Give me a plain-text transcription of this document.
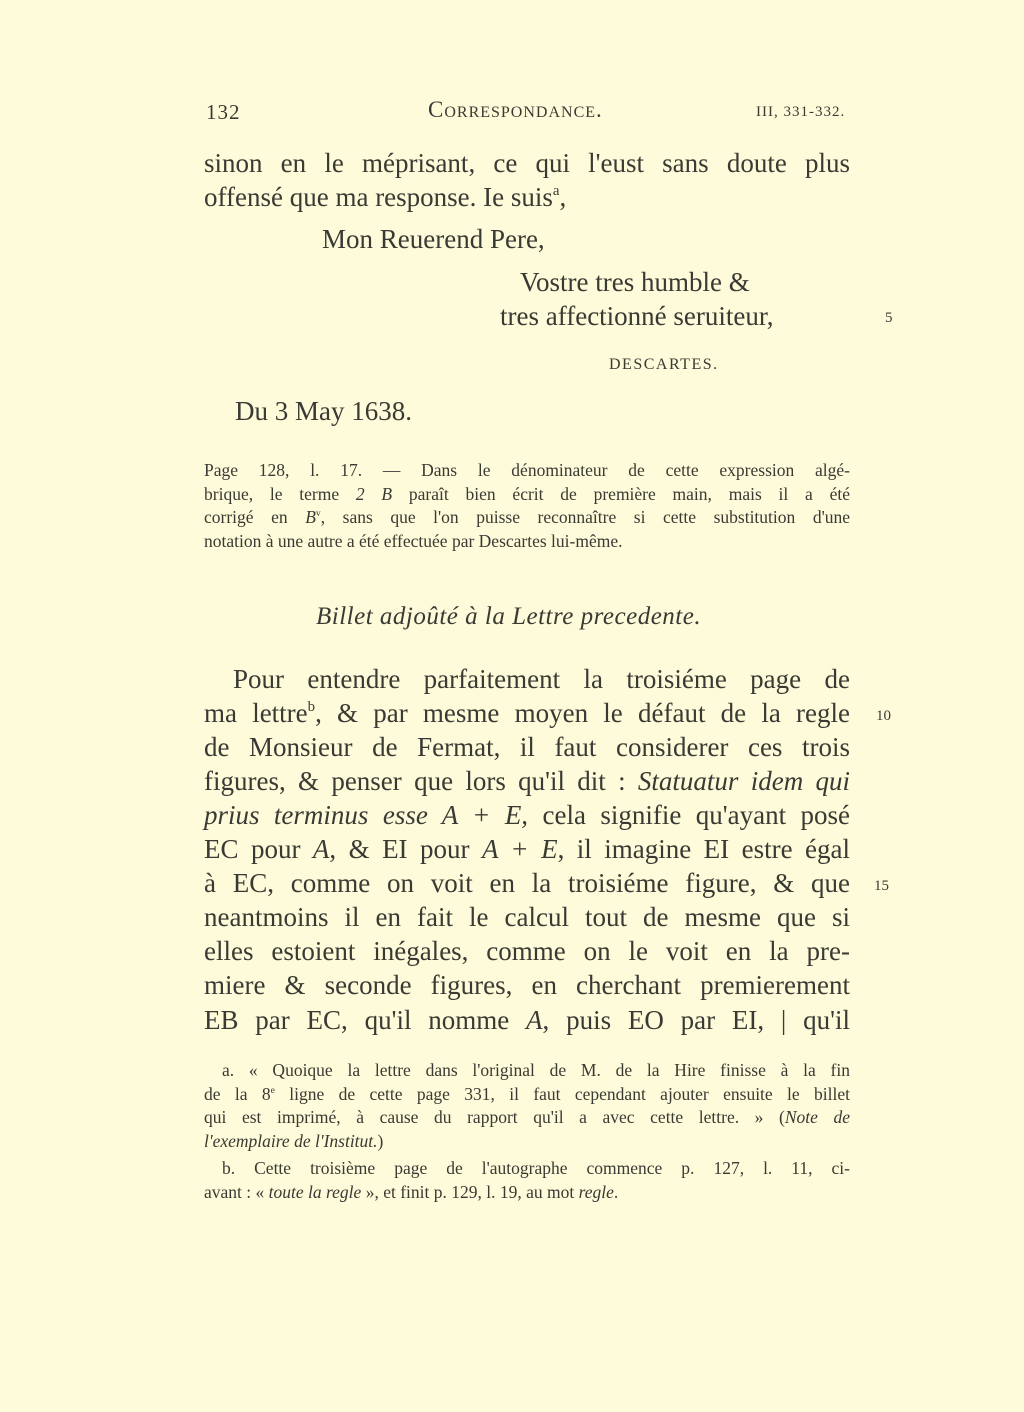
132	Correspondance.	III, 331-332.
sinon en le méprisant, ce qui l'eust sans doute plus
offensé que ma response. Ie suis$^a$,
Mon Reuerend Pere,
Vostre tres humble &
tres affectionné seruiteur,	5
DESCARTES.
Du 3 May 1638.
Page 128, l. 17. — Dans le dénominateur de cette expression algé-
brique, le terme 2 B paraît bien écrit de première main, mais il a été
corrigé en $B^v$, sans que l'on puisse reconnaître si cette substitution d'une
notation à une autre a été effectuée par Descartes lui-même.
Billet adjoûté à la Lettre precedente.
Pour entendre parfaitement la troisiéme page de
ma lettre$^b$, & par mesme moyen le défaut de la regle 10
de Monsieur de Fermat, il faut considerer ces trois
figures, & penser que lors qu'il dit : Statuatur idem qui
prius terminus esse A + E, cela signifie qu'ayant posé
EC pour A, & EI pour A + E, il imagine EI estre égal
à EC, comme on voit en la troisiéme figure, & que 15
neantmoins il en fait le calcul tout de mesme que si
elles estoient inégales, comme on le voit en la pre-
miere & seconde figures, en cherchant premierement
EB par EC, qu'il nomme A, puis EO par EI, | qu'il
a. « Quoique la lettre dans l'original de M. de la Hire finisse à la fin
de la 8e ligne de cette page 331, il faut cependant ajouter ensuite le billet
qui est imprimé, à cause du rapport qu'il a avec cette lettre. » (Note de
l'exemplaire de l'Institut.)
b. Cette troisième page de l'autographe commence p. 127, l. 11, ci-
avant : « toute la regle », et finit p. 129, l. 19, au mot regle.
